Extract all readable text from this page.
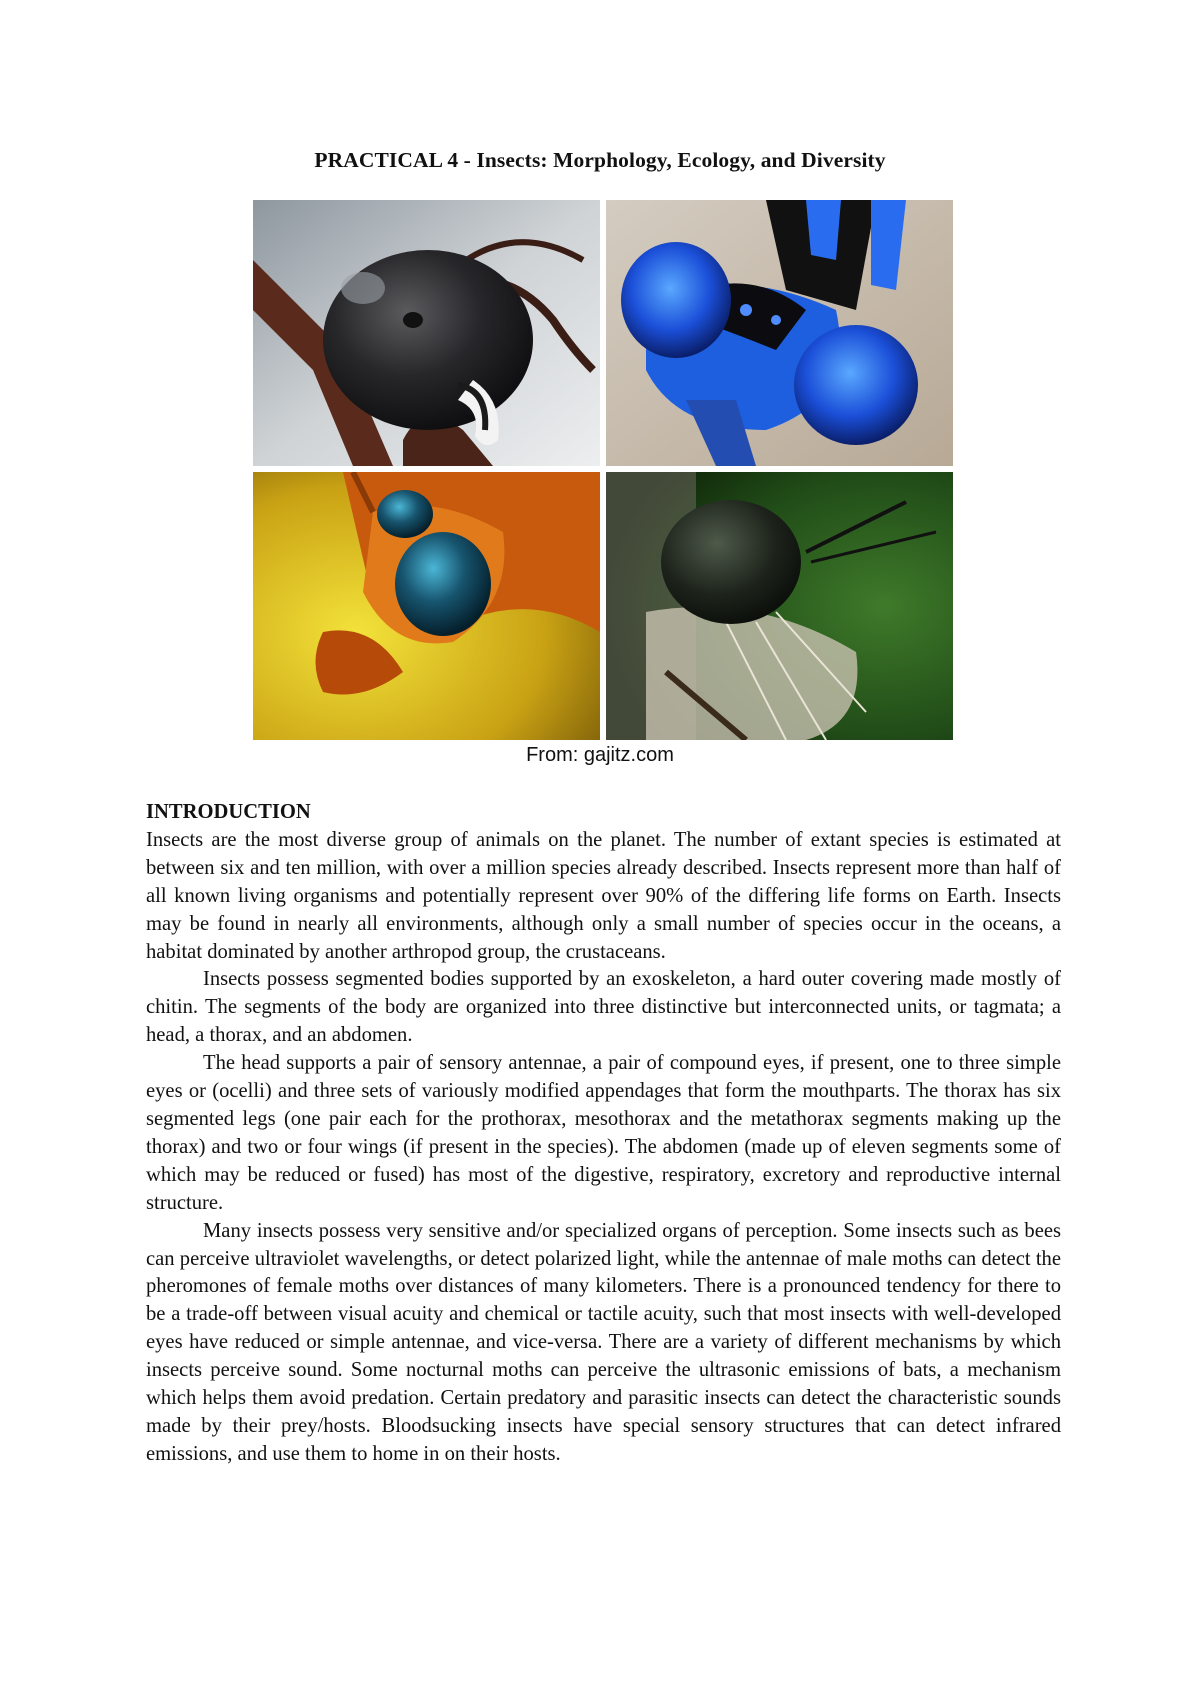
PRACTICAL 4 - Insects: Morphology, Ecology, and Diversity
From: gajitz.com
INTRODUCTION

Insects are the most diverse group of animals on the planet. The number of extant species is estimated at between six and ten million, with over a million species already described. Insects represent more than half of all known living organisms and potentially represent over 90% of the differing life forms on Earth. Insects may be found in nearly all environments, although only a small number of species occur in the oceans, a habitat dominated by another arthropod group, the crustaceans.

Insects possess segmented bodies supported by an exoskeleton, a hard outer covering made mostly of chitin. The segments of the body are organized into three distinctive but interconnected units, or tagmata; a head, a thorax, and an abdomen.

The head supports a pair of sensory antennae, a pair of compound eyes, if present, one to three simple eyes or (ocelli) and three sets of variously modified appendages that form the mouthparts. The thorax has six segmented legs (one pair each for the prothorax, mesothorax and the metathorax segments making up the thorax) and two or four wings (if present in the species). The abdomen (made up of eleven segments some of which may be reduced or fused) has most of the digestive, respiratory, excretory and reproductive internal structure.

Many insects possess very sensitive and/or specialized organs of perception. Some insects such as bees can perceive ultraviolet wavelengths, or detect polarized light, while the antennae of male moths can detect the pheromones of female moths over distances of many kilometers. There is a pronounced tendency for there to be a trade-off between visual acuity and chemical or tactile acuity, such that most insects with well-developed eyes have reduced or simple antennae, and vice-versa. There are a variety of different mechanisms by which insects perceive sound. Some nocturnal moths can perceive the ultrasonic emissions of bats, a mechanism which helps them avoid predation. Certain predatory and parasitic insects can detect the characteristic sounds made by their prey/hosts. Bloodsucking insects have special sensory structures that can detect infrared emissions, and use them to home in on their hosts.
